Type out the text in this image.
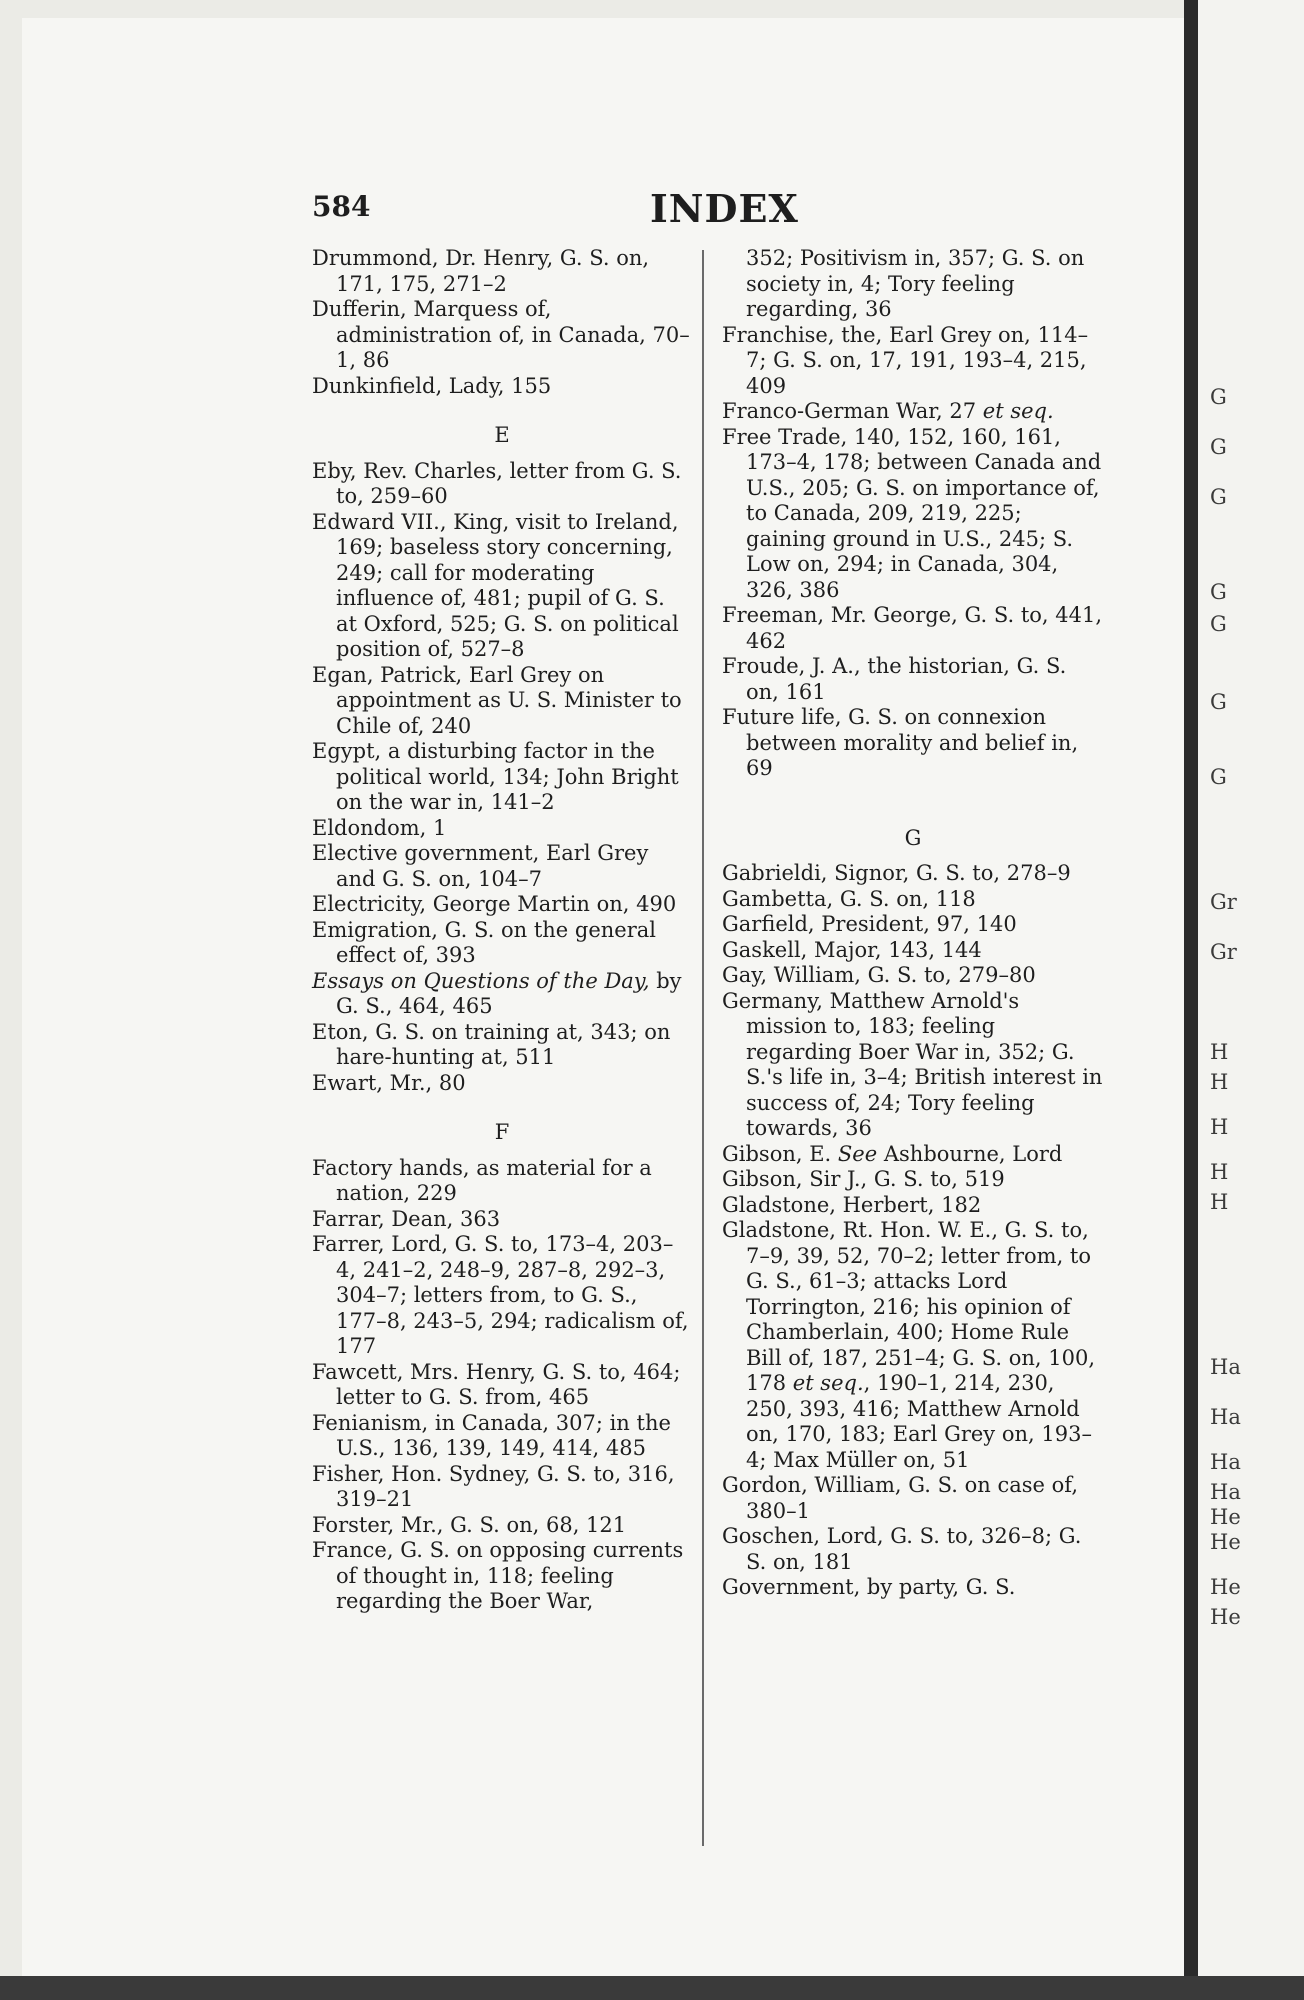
G
G
G
G
G
G
G
Gr
Gr
H
H
H
H
H
Ha
Ha
Ha
Ha
He
He
He
He
584	INDEX

Drummond, Dr. Henry, G. S. on, 171, 175, 271–2

Dufferin, Marquess of, administration of, in Canada, 70–1, 86

Dunkinfield, Lady, 155

E

Eby, Rev. Charles, letter from G. S. to, 259–60

Edward VII., King, visit to Ireland, 169; baseless story concerning, 249; call for moderating influence of, 481; pupil of G. S. at Oxford, 525; G. S. on political position of, 527–8

Egan, Patrick, Earl Grey on appointment as U. S. Minister to Chile of, 240

Egypt, a disturbing factor in the political world, 134; John Bright on the war in, 141–2

Eldondom, 1

Elective government, Earl Grey and G. S. on, 104–7

Electricity, George Martin on, 490

Emigration, G. S. on the general effect of, 393

Essays on Questions of the Day, by G. S., 464, 465

Eton, G. S. on training at, 343; on hare-hunting at, 511

Ewart, Mr., 80

F

Factory hands, as material for a nation, 229

Farrar, Dean, 363

Farrer, Lord, G. S. to, 173–4, 203–4, 241–2, 248–9, 287–8, 292–3, 304–7; letters from, to G. S., 177–8, 243–5, 294; radicalism of, 177

Fawcett, Mrs. Henry, G. S. to, 464; letter to G. S. from, 465

Fenianism, in Canada, 307; in the U.S., 136, 139, 149, 414, 485

Fisher, Hon. Sydney, G. S. to, 316, 319–21

Forster, Mr., G. S. on, 68, 121

France, G. S. on opposing currents of thought in, 118; feeling regarding the Boer War,

352; Positivism in, 357; G. S. on society in, 4; Tory feeling regarding, 36

Franchise, the, Earl Grey on, 114–7; G. S. on, 17, 191, 193–4, 215, 409

Franco-German War, 27 et seq.

Free Trade, 140, 152, 160, 161, 173–4, 178; between Canada and U.S., 205; G. S. on importance of, to Canada, 209, 219, 225; gaining ground in U.S., 245; S. Low on, 294; in Canada, 304, 326, 386

Freeman, Mr. George, G. S. to, 441, 462

Froude, J. A., the historian, G. S. on, 161

Future life, G. S. on connexion between morality and belief in, 69

G

Gabrieldi, Signor, G. S. to, 278–9

Gambetta, G. S. on, 118

Garfield, President, 97, 140

Gaskell, Major, 143, 144

Gay, William, G. S. to, 279–80

Germany, Matthew Arnold's mission to, 183; feeling regarding Boer War in, 352; G. S.'s life in, 3–4; British interest in success of, 24; Tory feeling towards, 36

Gibson, E. See Ashbourne, Lord

Gibson, Sir J., G. S. to, 519

Gladstone, Herbert, 182

Gladstone, Rt. Hon. W. E., G. S. to, 7–9, 39, 52, 70–2; letter from, to G. S., 61–3; attacks Lord Torrington, 216; his opinion of Chamberlain, 400; Home Rule Bill of, 187, 251–4; G. S. on, 100, 178 et seq., 190–1, 214, 230, 250, 393, 416; Matthew Arnold on, 170, 183; Earl Grey on, 193–4; Max Müller on, 51

Gordon, William, G. S. on case of, 380–1

Goschen, Lord, G. S. to, 326–8; G. S. on, 181

Government, by party, G. S.
